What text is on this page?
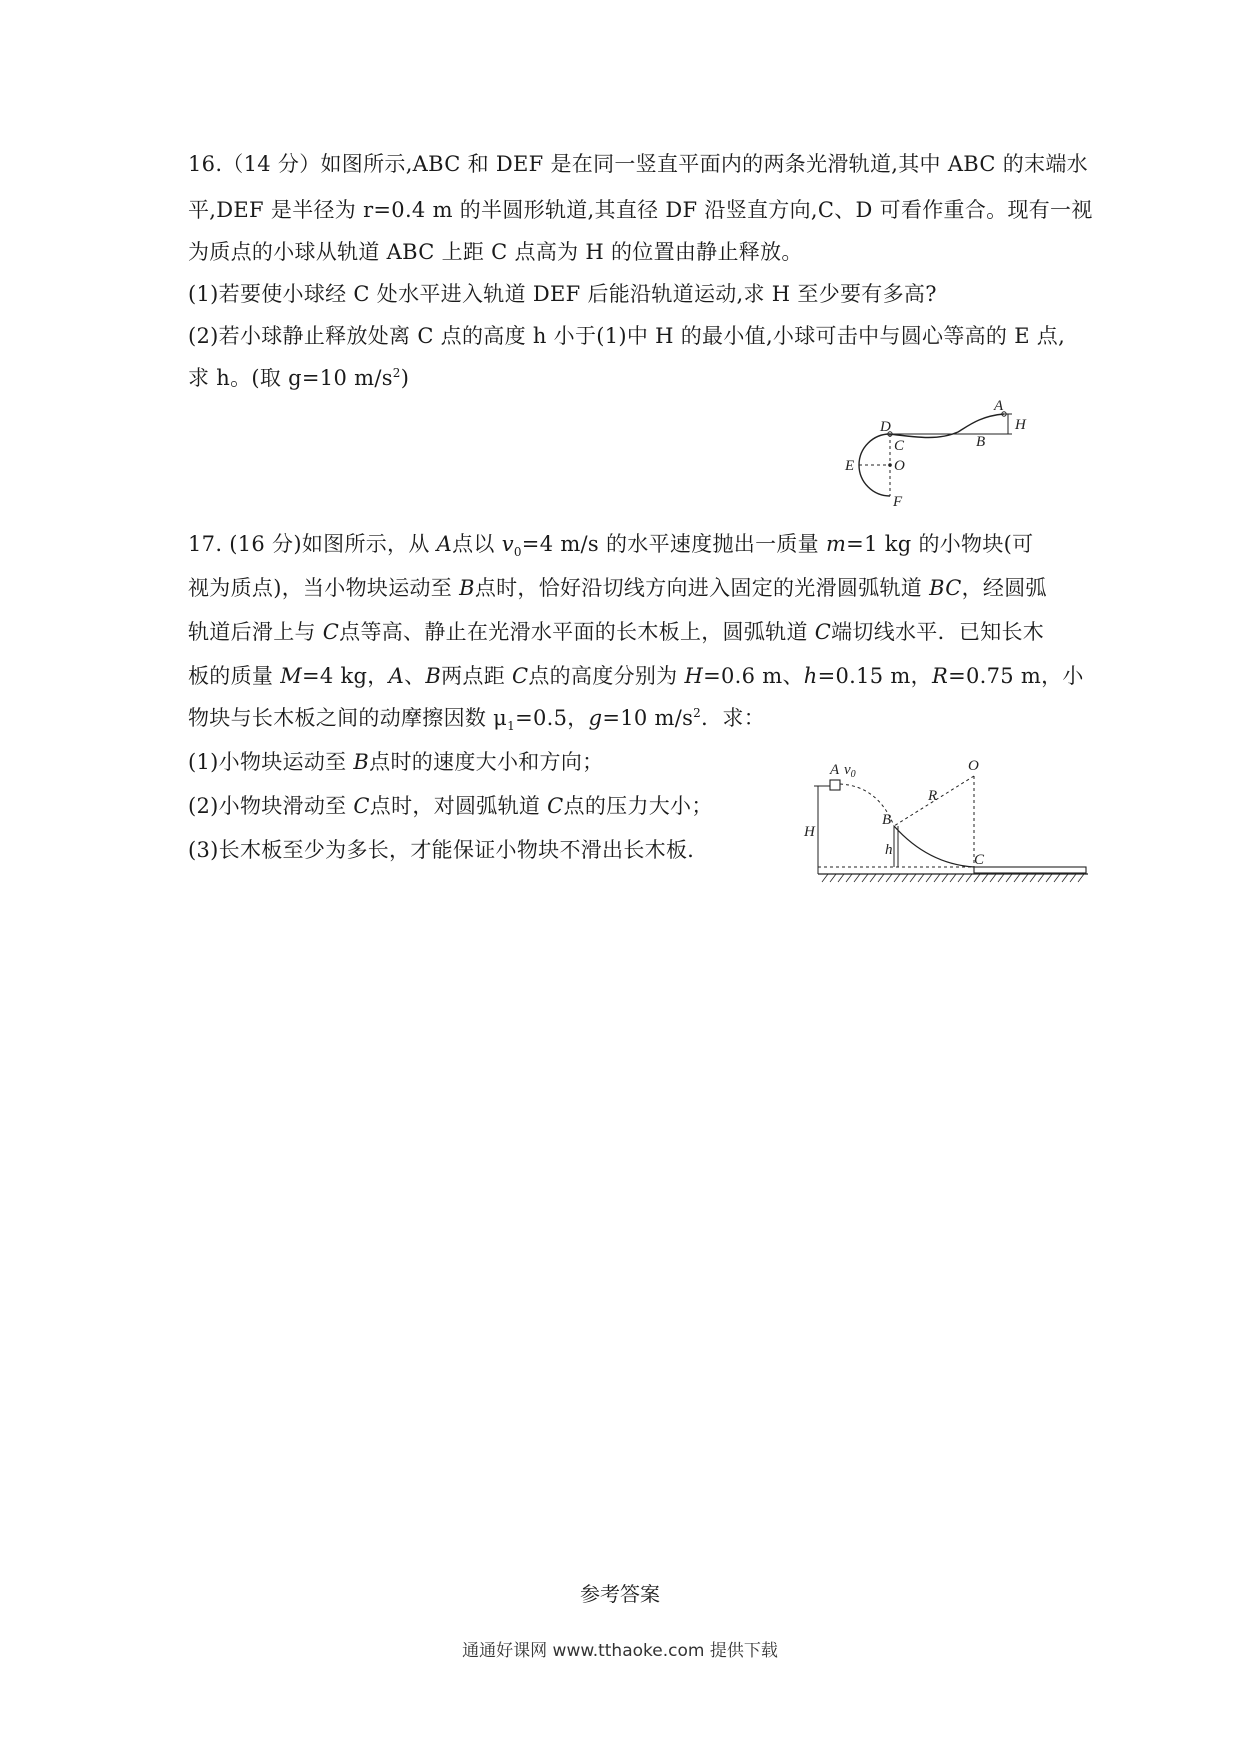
16.（14 分）如图所示,ABC 和 DEF 是在同一竖直平面内的两条光滑轨道,其中 ABC 的末端水
平,DEF 是半径为 r=0.4 m 的半圆形轨道,其直径 DF 沿竖直方向,C、D 可看作重合。现有一视
为质点的小球从轨道 ABC 上距 C 点高为 H 的位置由静止释放。
(1)若要使小球经 C 处水平进入轨道 DEF 后能沿轨道运动,求 H 至少要有多高?
(2)若小球静止释放处离 C 点的高度 h 小于(1)中 H 的最小值,小球可击中与圆心等高的 E 点,
求 h。(取 g=10 $m/s^2$)
A
H
B
D
C
O
E
F
17. (16 分)如图所示，从 A点以 $v_0=4$ m/s 的水平速度抛出一质量 m=1 kg 的小物块(可
视为质点)，当小物块运动至 B点时，恰好沿切线方向进入固定的光滑圆弧轨道 BC，经圆弧
轨道后滑上与 C点等高、静止在光滑水平面的长木板上，圆弧轨道 C端切线水平．已知长木
板的质量 M=4 kg，A、B两点距 C点的高度分别为 H=0.6 m、h=0.15 m，R=0.75 m，小
物块与长木板之间的动摩擦因数 $\mu_1=0.5$，g=10 $m/s^2$．求：
(1)小物块运动至 B点时的速度大小和方向；
(2)小物块滑动至 C点时，对圆弧轨道 C点的压力大小；
(3)长木板至少为多长，才能保证小物块不滑出长木板．
A $v_0$
O
R
B
H
h
C
参考答案
通通好课网 www.tthaoke.com 提供下载
